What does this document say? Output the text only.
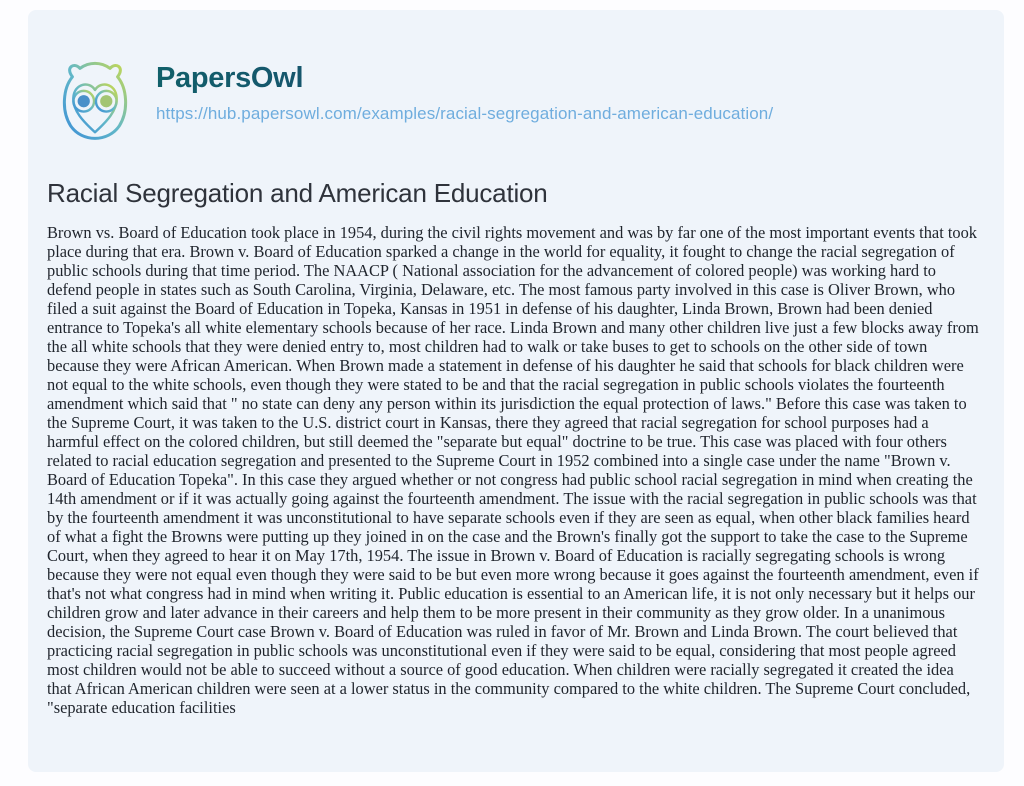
PapersOwl
https://hub.papersowl.com/examples/racial-segregation-and-american-education/
Racial Segregation and American Education

Brown vs. Board of Education took place in 1954, during the civil rights movement and was by far one of the most important events that took place during that era. Brown v. Board of Education sparked a change in the world for equality, it fought to change the racial segregation of public schools during that time period. The NAACP ( National association for the advancement of colored people) was working hard to defend people in states such as South Carolina, Virginia, Delaware, etc. The most famous party involved in this case is Oliver Brown, who filed a suit against the Board of Education in Topeka, Kansas in 1951 in defense of his daughter, Linda Brown, Brown had been denied entrance to Topeka's all white elementary schools because of her race. Linda Brown and many other children live just a few blocks away from the all white schools that they were denied entry to, most children had to walk or take buses to get to schools on the other side of town because they were African American. When Brown made a statement in defense of his daughter he said that schools for black children were not equal to the white schools, even though they were stated to be and that the racial segregation in public schools violates the fourteenth amendment which said that " no state can deny any person within its jurisdiction the equal protection of laws." Before this case was taken to the Supreme Court, it was taken to the U.S. district court in Kansas, there they agreed that racial segregation for school purposes had a harmful effect on the colored children, but still deemed the "separate but equal" doctrine to be true. This case was placed with four others related to racial education segregation and presented to the Supreme Court in 1952 combined into a single case under the name "Brown v. Board of Education Topeka". In this case they argued whether or not congress had public school racial segregation in mind when creating the 14th amendment or if it was actually going against the fourteenth amendment. The issue with the racial segregation in public schools was that by the fourteenth amendment it was unconstitutional to have separate schools even if they are seen as equal, when other black families heard of what a fight the Browns were putting up they joined in on the case and the Brown's finally got the support to take the case to the Supreme Court, when they agreed to hear it on May 17th, 1954. The issue in Brown v. Board of Education is racially segregating schools is wrong because they were not equal even though they were said to be but even more wrong because it goes against the fourteenth amendment, even if that's not what congress had in mind when writing it. Public education is essential to an American life, it is not only necessary but it helps our children grow and later advance in their careers and help them to be more present in their community as they grow older. In a unanimous decision, the Supreme Court case Brown v. Board of Education was ruled in favor of Mr. Brown and Linda Brown. The court believed that practicing racial segregation in public schools was unconstitutional even if they were said to be equal, considering that most people agreed most children would not be able to succeed without a source of good education. When children were racially segregated it created the idea that African American children were seen at a lower status in the community compared to the white children. The Supreme Court concluded, "separate education facilities
